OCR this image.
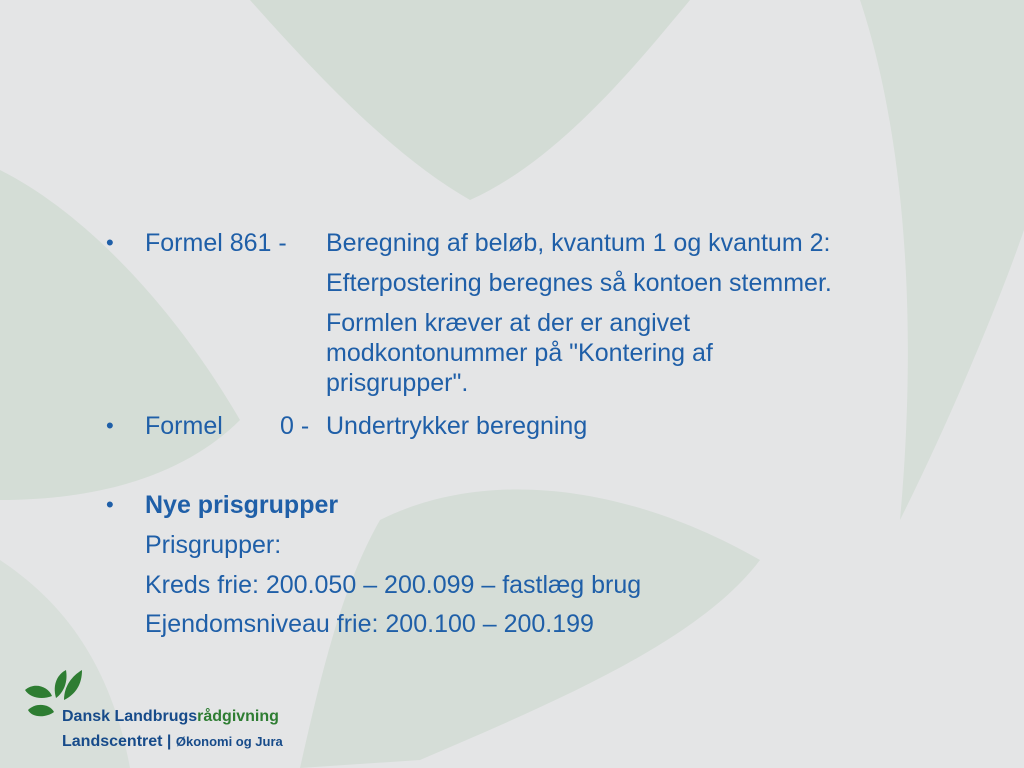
• Formel 861 - Beregning af beløb, kvantum 1 og kvantum 2:
Efterpostering beregnes så kontoen stemmer.
Formlen kræver at der er angivet
modkontonummer på "Kontering af
prisgrupper".
• Formel 0 - Undertrykker beregning
• Nye prisgrupper
Prisgrupper:
Kreds frie: 200.050 – 200.099 – fastlæg brug
Ejendomsniveau frie: 200.100 – 200.199
Dansk Landbrugsrådgivning
Landscentret | Økonomi og Jura
